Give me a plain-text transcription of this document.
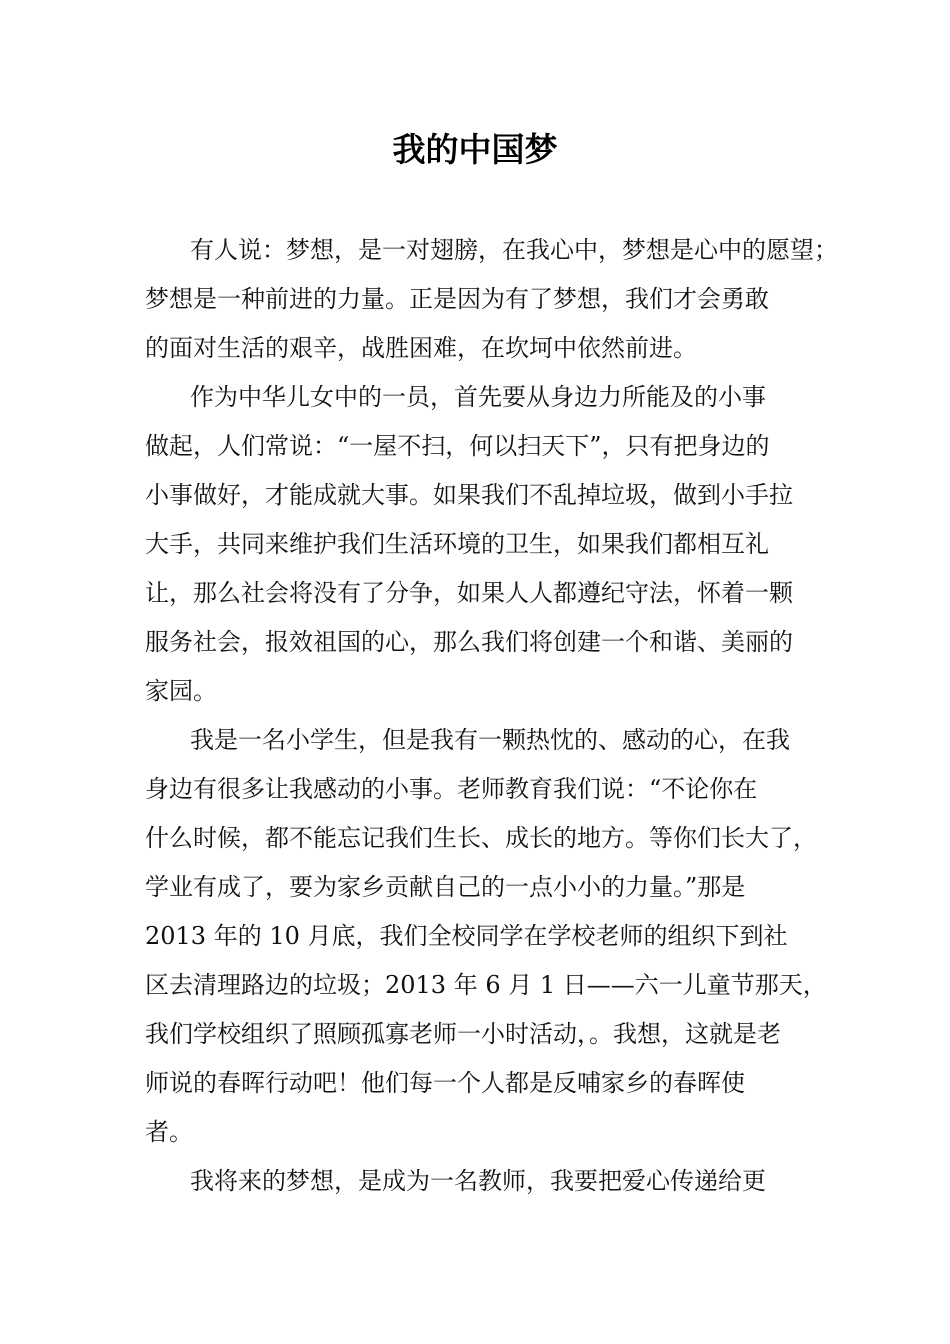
我的中国梦
有人说：梦想，是一对翅膀，在我心中，梦想是心中的愿望；
梦想是一种前进的力量。正是因为有了梦想，我们才会勇敢
的面对生活的艰辛，战胜困难，在坎坷中依然前进。
作为中华儿女中的一员，首先要从身边力所能及的小事
做起，人们常说：“一屋不扫，何以扫天下”，只有把身边的
小事做好，才能成就大事。如果我们不乱掉垃圾，做到小手拉
大手，共同来维护我们生活环境的卫生，如果我们都相互礼
让，那么社会将没有了分争，如果人人都遵纪守法，怀着一颗
服务社会，报效祖国的心，那么我们将创建一个和谐、美丽的
家园。
我是一名小学生，但是我有一颗热忱的、感动的心，在我
身边有很多让我感动的小事。老师教育我们说：“不论你在
什么时候，都不能忘记我们生长、成长的地方。等你们长大了，
学业有成了，要为家乡贡献自己的一点小小的力量。”那是
2013 年的 10 月底，我们全校同学在学校老师的组织下到社
区去清理路边的垃圾；2013 年 6 月 1 日——六一儿童节那天，
我们学校组织了照顾孤寡老师一小时活动，。我想，这就是老
师说的春晖行动吧！他们每一个人都是反哺家乡的春晖使
者。
我将来的梦想，是成为一名教师，我要把爱心传递给更
